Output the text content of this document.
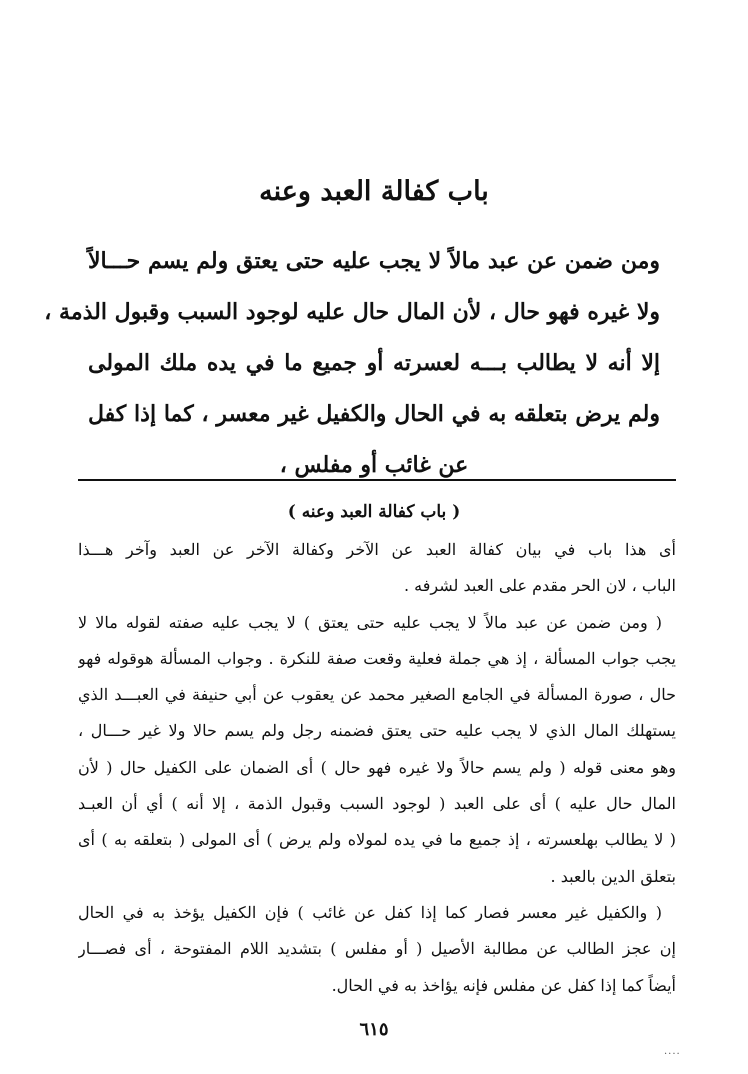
باب كفالة العبد وعنه
ومن ضمن عن عبد مالاً لا يجب عليه حتى يعتق ولم يسم حـــالاً
ولا غيره فهو حال ، لأن المال حال عليه لوجود السبب وقبول الذمة ،
إلا أنه لا يطالب بـــه لعسرته أو جميع ما في يده ملك المولى
ولم يرض بتعلقه به في الحال والكفيل غير معسر ، كما إذا كفل
عن غائب أو مفلس ،
( باب كفالة العبد وعنه )
أى هذا باب في بيان كفالة العبد عن الآخر وكفالة الآخر عن العبد وآخر هـــذا
الباب ، لان الحر مقدم على العبد لشرفه .
( ومن ضمن عن عبد مالاً لا يجب عليه حتى يعتق ) لا يجب عليه صفته لقوله مالا لا
يجب جواب المسألة ، إذ هي جملة فعلية وقعت صفة للنكرة . وجواب المسألة هوقوله فهو
حال ، صورة المسألة في الجامع الصغير محمد عن يعقوب عن أبي حنيفة في العبـــد الذي
يستهلك المال الذي لا يجب عليه حتى يعتق فضمنه رجل ولم يسم حالا ولا غير حـــال ،
وهو معنى قوله ( ولم يسم حالاً ولا غيره فهو حال ) أى الضمان على الكفيل حال ( لأن
المال حال عليه ) أى على العبد ( لوجود السبب وقبول الذمة ، إلا أنه ) أي أن العبـد
( لا يطالب بهلعسرته ، إذ جميع ما في يده لمولاه ولم يرض ) أى المولى ( بتعلقه به ) أى
بتعلق الدين بالعبد .
( والكفيل غير معسر فصار كما إذا كفل عن غائب ) فإن الكفيل يؤخذ به في الحال
إن عجز الطالب عن مطالبة الأصيل ( أو مفلس ) بتشديد اللام المفتوحة ، أى فصـــار
أيضاً كما إذا كفل عن مفلس فإنه يؤاخذ به في الحال.
٦١٥
....
